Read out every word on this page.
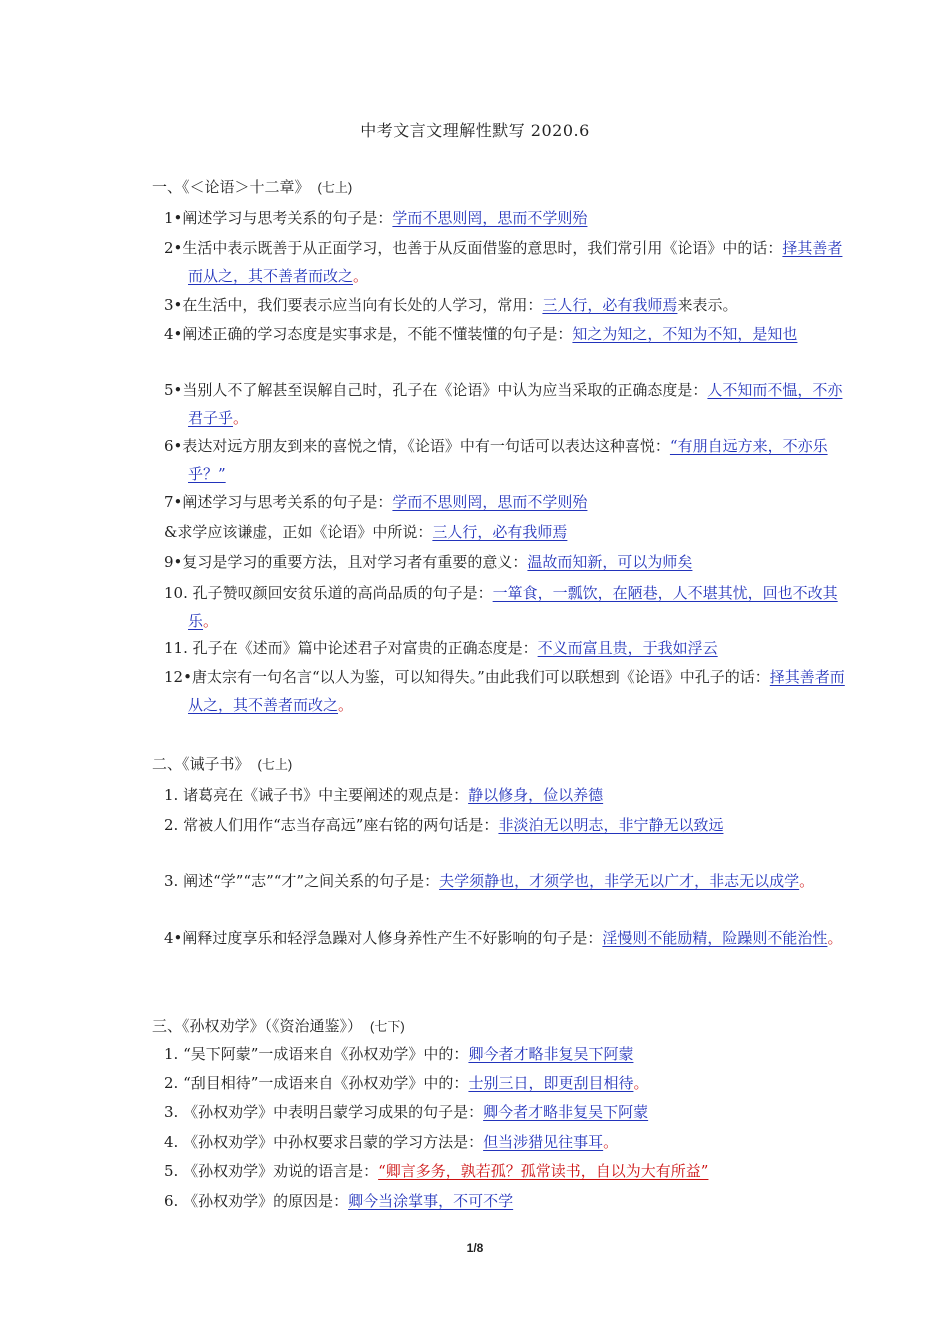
中考文言文理解性默写 2020.6
一、《＜论语＞十二章》 (七上)
1•阐述学习与思考关系的句子是：学而不思则罔，思而不学则殆
2•生活中表示既善于从正面学习，也善于从反面借鉴的意思时，我们常引用《论语》中的话：择其善者而从之，其不善者而改之。
3•在生活中，我们要表示应当向有长处的人学习，常用：三人行，必有我师焉来表示。
4•阐述正确的学习态度是实事求是，不能不懂装懂的句子是：知之为知之，不知为不知，是知也
5•当别人不了解甚至误解自己时，孔子在《论语》中认为应当采取的正确态度是：人不知而不愠，不亦君子乎。
6•表达对远方朋友到来的喜悦之情，《论语》中有一句话可以表达这种喜悦：“有朋自远方来，不亦乐乎？”
7•阐述学习与思考关系的句子是：学而不思则罔，思而不学则殆
&求学应该谦虚，正如《论语》中所说：三人行，必有我师焉
9•复习是学习的重要方法，且对学习者有重要的意义：温故而知新，可以为师矣
10. 孔子赞叹颜回安贫乐道的高尚品质的句子是：一箪食，一瓢饮，在陋巷，人不堪其忧，回也不改其乐。
11. 孔子在《述而》篇中论述君子对富贵的正确态度是：不义而富且贵，于我如浮云
12•唐太宗有一句名言“以人为鉴，可以知得失。”由此我们可以联想到《论语》中孔子的话：择其善者而从之，其不善者而改之。
二、《诫子书》 (七上)
1. 诸葛亮在《诫子书》中主要阐述的观点是：静以修身，俭以养德
2. 常被人们用作“志当存高远”座右铭的两句话是：非淡泊无以明志，非宁静无以致远
3. 阐述“学”“志”“才”之间关系的句子是：夫学须静也，才须学也，非学无以广才，非志无以成学。
4•阐释过度享乐和轻浮急躁对人修身养性产生不好影响的句子是：淫慢则不能励精，险躁则不能治性。
三、《孙权劝学》（《资治通鉴》） (七下)
1. “吴下阿蒙”一成语来自《孙权劝学》中的：卿今者才略非复吴下阿蒙
2. “刮目相待”一成语来自《孙权劝学》中的：士别三日，即更刮目相待。
3. 《孙权劝学》中表明吕蒙学习成果的句子是：卿今者才略非复吴下阿蒙
4. 《孙权劝学》中孙权要求吕蒙的学习方法是：但当涉猎见往事耳。
5. 《孙权劝学》劝说的语言是：“卿言多务，孰若孤？孤常读书，自以为大有所益”
6. 《孙权劝学》的原因是：卿今当涂掌事，不可不学
1/8
